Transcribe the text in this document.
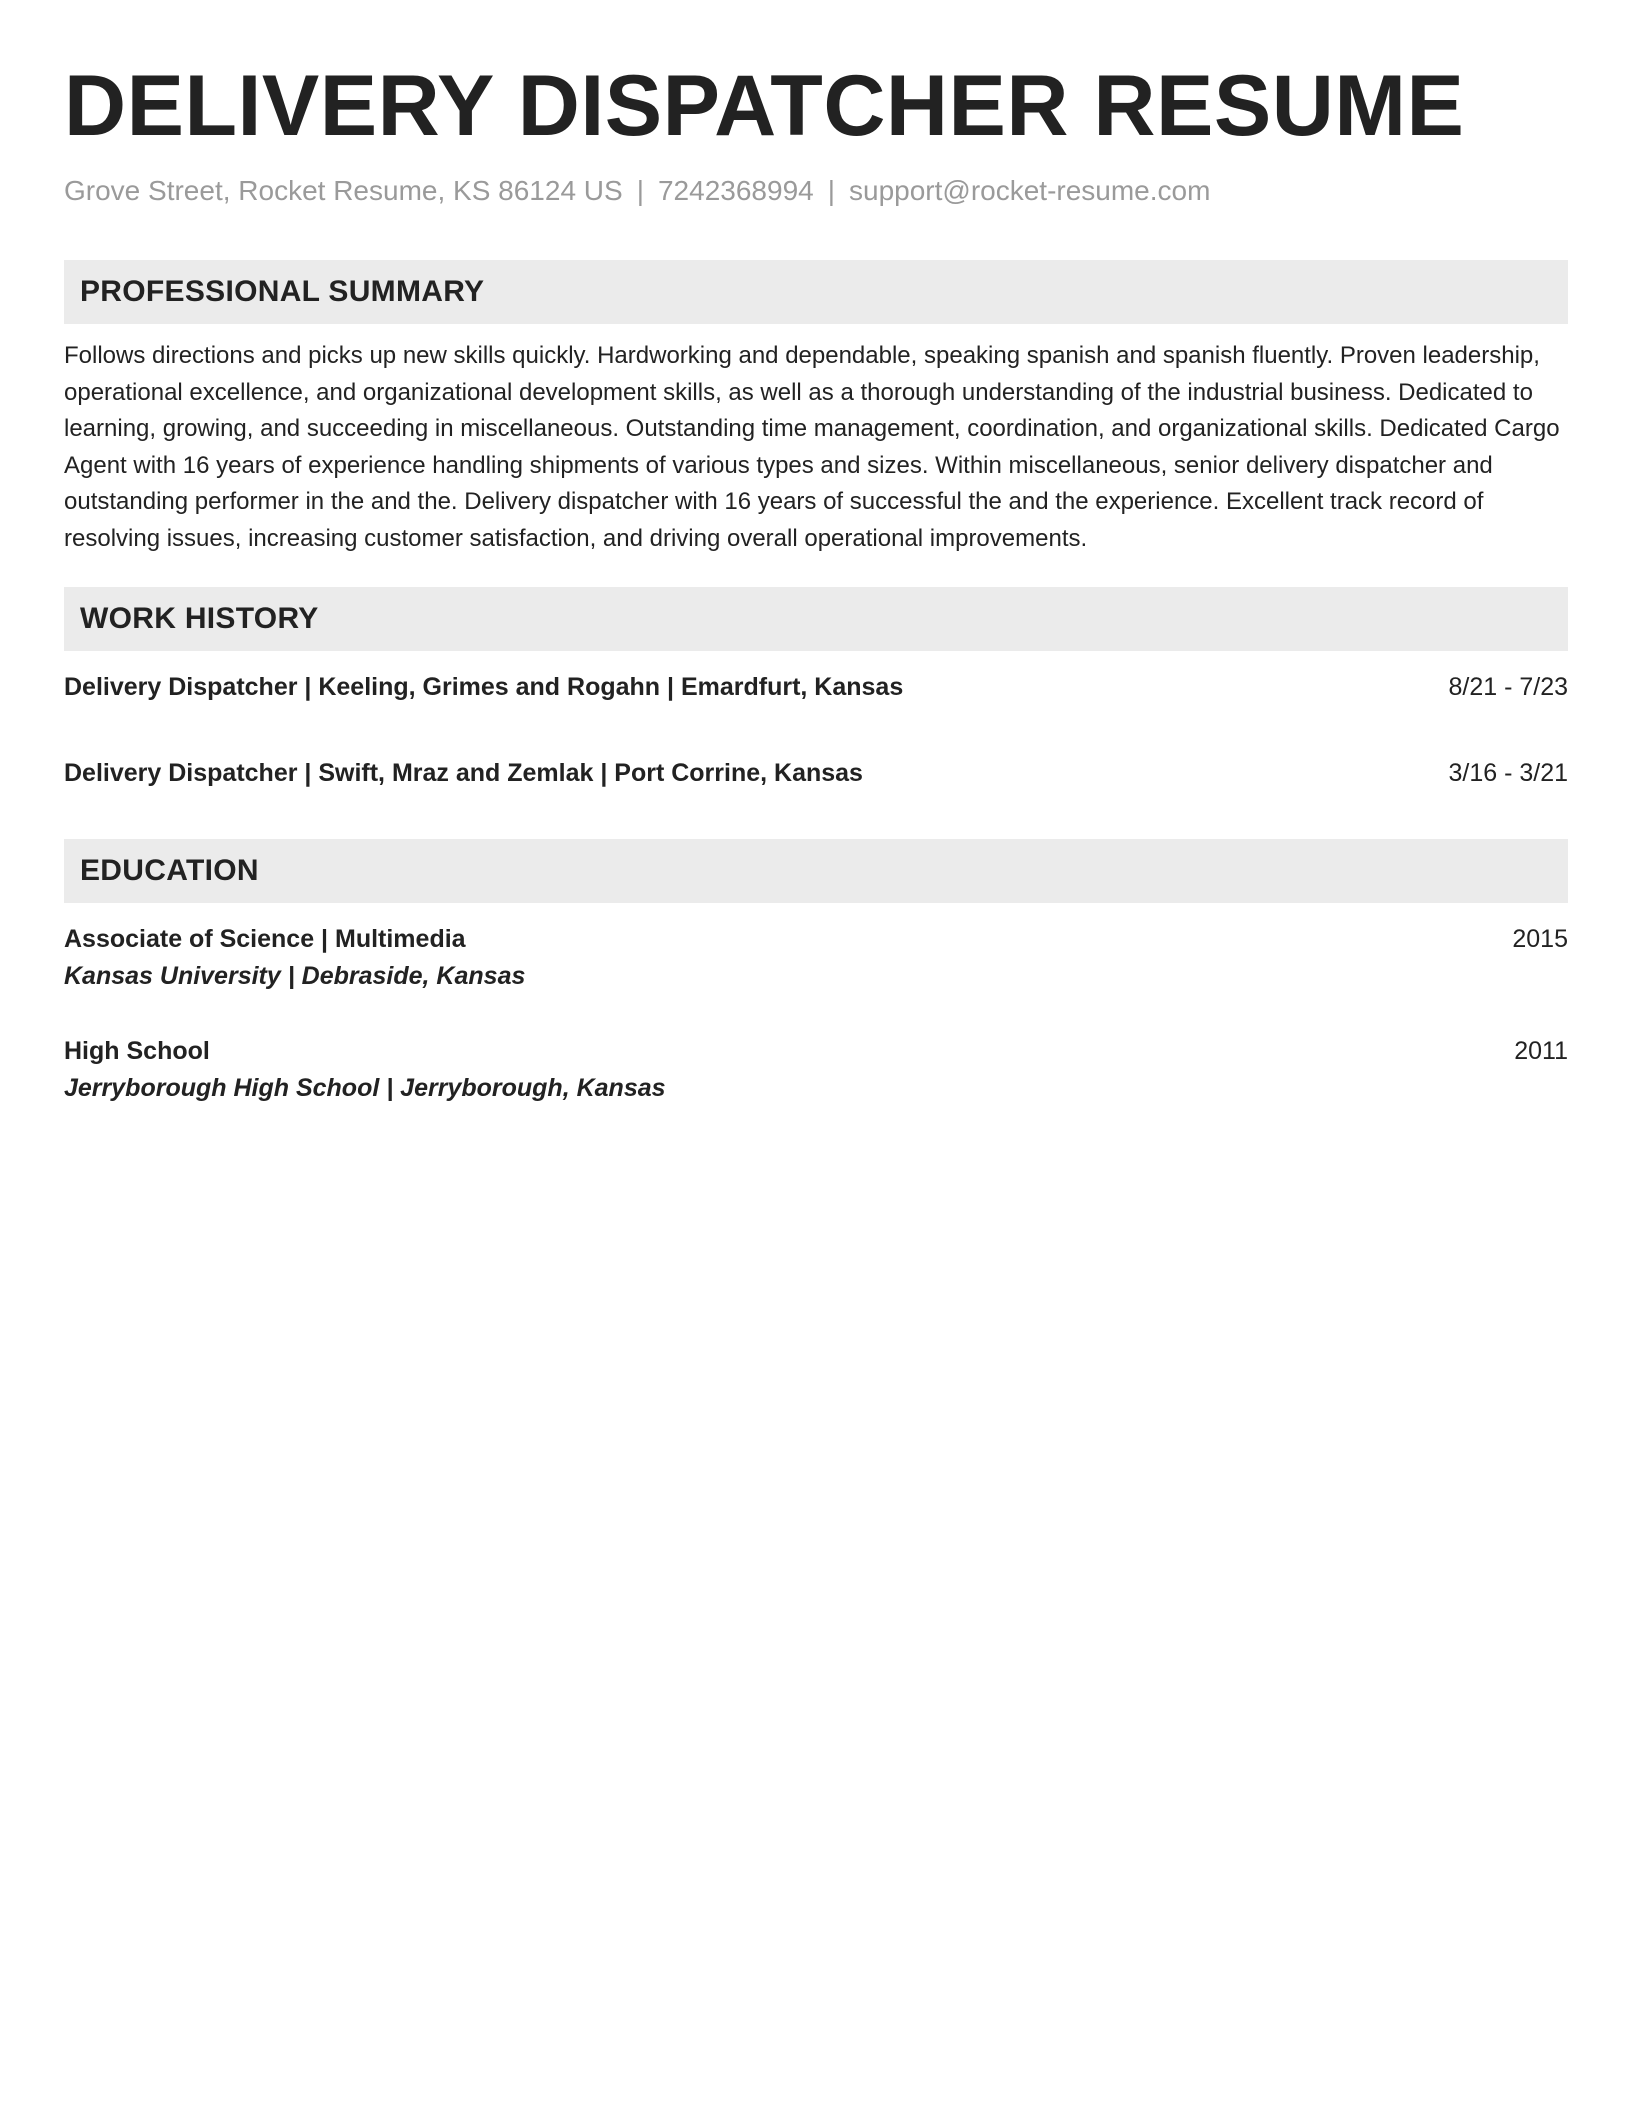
DELIVERY DISPATCHER RESUME
Grove Street, Rocket Resume, KS 86124 US | 7242368994 | support@rocket-resume.com
PROFESSIONAL SUMMARY
Follows directions and picks up new skills quickly. Hardworking and dependable, speaking spanish and spanish fluently. Proven leadership, operational excellence, and organizational development skills, as well as a thorough understanding of the industrial business. Dedicated to learning, growing, and succeeding in miscellaneous. Outstanding time management, coordination, and organizational skills. Dedicated Cargo Agent with 16 years of experience handling shipments of various types and sizes. Within miscellaneous, senior delivery dispatcher and outstanding performer in the and the. Delivery dispatcher with 16 years of successful the and the experience. Excellent track record of resolving issues, increasing customer satisfaction, and driving overall operational improvements.
WORK HISTORY
Delivery Dispatcher | Keeling, Grimes and Rogahn | Emardfurt, Kansas	8/21 - 7/23
Delivery Dispatcher | Swift, Mraz and Zemlak | Port Corrine, Kansas	3/16 - 3/21
EDUCATION
Associate of Science | Multimedia	2015
Kansas University | Debraside, Kansas
High School	2011
Jerryborough High School | Jerryborough, Kansas
